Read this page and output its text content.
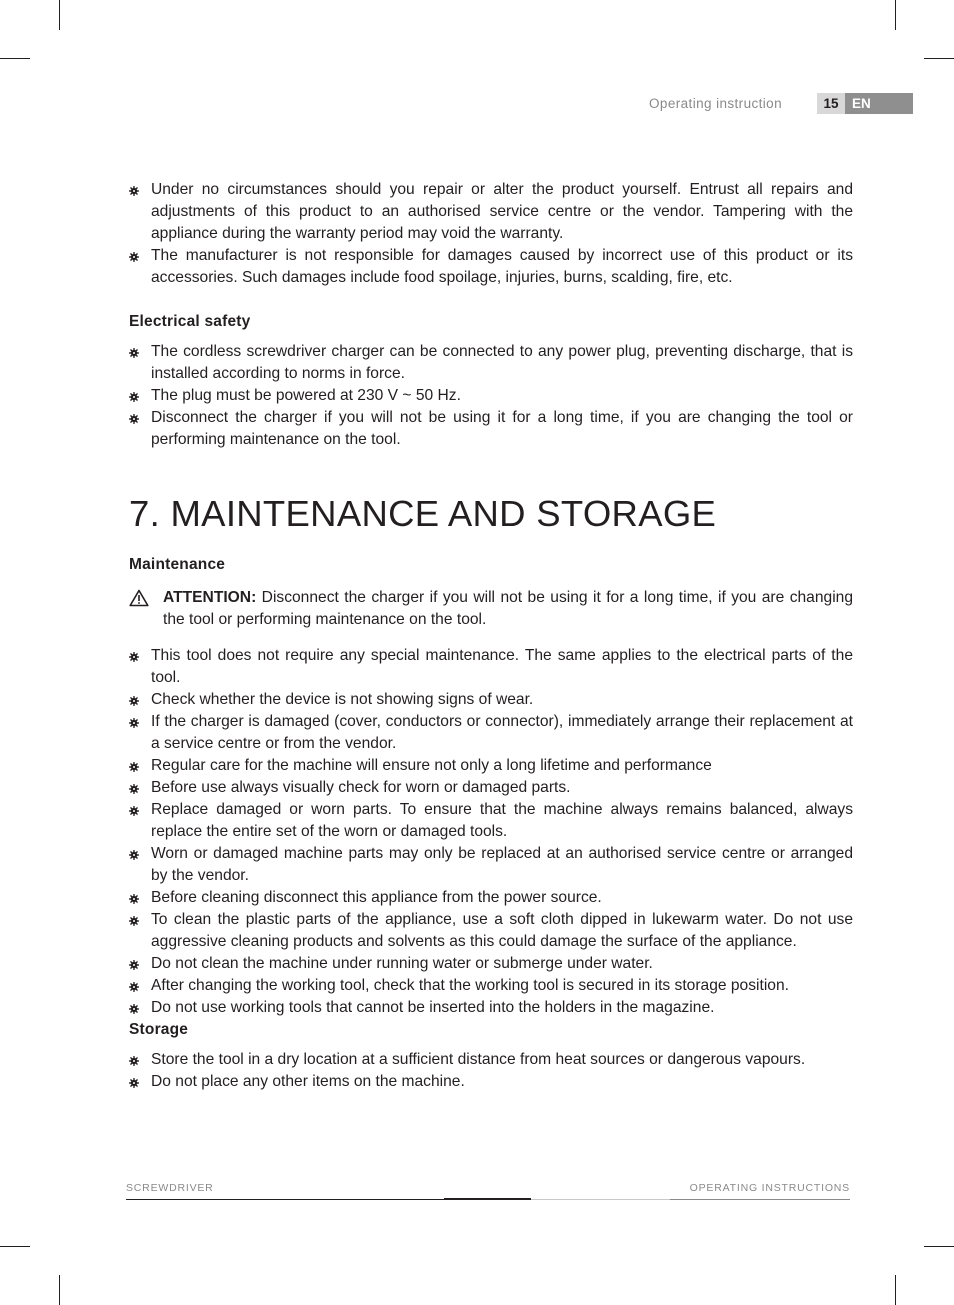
Operating instruction	15 EN
Under no circumstances should you repair or alter the product yourself. Entrust all repairs and adjustments of this product to an authorised service centre or the vendor. Tampering with the appliance during the warranty period may void the warranty.
The manufacturer is not responsible for damages caused by incorrect use of this product or its accessories. Such damages include food spoilage, injuries, burns, scalding, fire, etc.
Electrical safety
The cordless screwdriver charger can be connected to any power plug, preventing discharge, that is installed according to norms in force.
The plug must be powered at 230 V ~ 50 Hz.
Disconnect the charger if you will not be using it for a long time, if you are changing the tool or performing maintenance on the tool.
7. MAINTENANCE AND STORAGE
Maintenance
ATTENTION: Disconnect the charger if you will not be using it for a long time, if you are changing the tool or performing maintenance on the tool.
This tool does not require any special maintenance. The same applies to the electrical parts of the tool.
Check whether the device is not showing signs of wear.
If the charger is damaged (cover, conductors or connector), immediately arrange their replacement at a service centre or from the vendor.
Regular care for the machine will ensure not only a long lifetime and performance
Before use always visually check for worn or damaged parts.
Replace damaged or worn parts. To ensure that the machine always remains balanced, always replace the entire set of the worn or damaged tools.
Worn or damaged machine parts may only be replaced at an authorised service centre or arranged by the vendor.
Before cleaning disconnect this appliance from the power source.
To clean the plastic parts of the appliance, use a soft cloth dipped in lukewarm water. Do not use aggressive cleaning products and solvents as this could damage the surface of the appliance.
Do not clean the machine under running water or submerge under water.
After changing the working tool, check that the working tool is secured in its storage position.
Do not use working tools that cannot be inserted into the holders in the magazine.
Storage
Store the tool in a dry location at a sufficient distance from heat sources or dangerous vapours.
Do not place any other items on the machine.
SCREWDRIVER	OPERATING INSTRUCTIONS
